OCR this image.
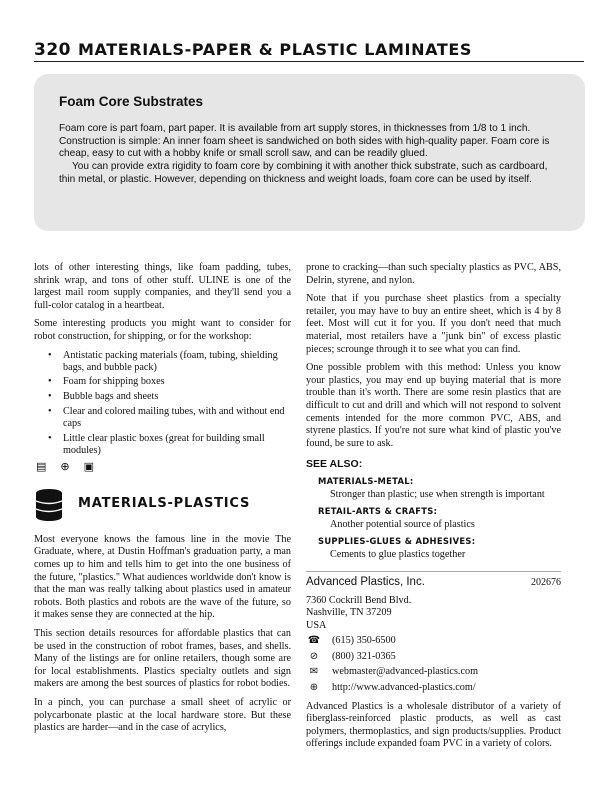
320 MATERIALS-PAPER & PLASTIC LAMINATES
Foam Core Substrates

Foam core is part foam, part paper. It is available from art supply stores, in thicknesses from 1/8 to 1 inch. Construction is simple: An inner foam sheet is sandwiched on both sides with high-quality paper. Foam core is cheap, easy to cut with a hobby knife or small scroll saw, and can be readily glued.

You can provide extra rigidity to foam core by combining it with another thick substrate, such as cardboard, thin metal, or plastic. However, depending on thickness and weight loads, foam core can be used by itself.

lots of other interesting things, like foam padding, tubes, shrink wrap, and tons of other stuff. ULINE is one of the largest mail room supply companies, and they'll send you a full-color catalog in a heartbeat.

Some interesting products you might want to consider for robot construction, for shipping, or for the workshop:

• Antistatic packing materials (foam, tubing, shielding bags, and bubble pack)
• Foam for shipping boxes
• Bubble bags and sheets
• Clear and colored mailing tubes, with and without end caps
• Little clear plastic boxes (great for building small modules)
▤ ⊕ ▣
MATERIALS-PLASTICS

Most everyone knows the famous line in the movie The Graduate, where, at Dustin Hoffman's graduation party, a man comes up to him and tells him to get into the one business of the future, "plastics." What audiences worldwide don't know is that the man was really talking about plastics used in amateur robots. Both plastics and robots are the wave of the future, so it makes sense they are connected at the hip.

This section details resources for affordable plastics that can be used in the construction of robot frames, bases, and shells. Many of the listings are for online retailers, though some are for local establishments. Plastics specialty outlets and sign makers are among the best sources of plastics for robot bodies.

In a pinch, you can purchase a small sheet of acrylic or polycarbonate plastic at the local hardware store. But these plastics are harder—and in the case of acrylics,

prone to cracking—than such specialty plastics as PVC, ABS, Delrin, styrene, and nylon.

Note that if you purchase sheet plastics from a specialty retailer, you may have to buy an entire sheet, which is 4 by 8 feet. Most will cut it for you. If you don't need that much material, most retailers have a "junk bin" of excess plastic pieces; scrounge through it to see what you can find.

One possible problem with this method: Unless you know your plastics, you may end up buying material that is more trouble than it's worth. There are some resin plastics that are difficult to cut and drill and which will not respond to solvent cements intended for the more common PVC, ABS, and styrene plastics. If you're not sure what kind of plastic you've found, be sure to ask.

SEE ALSO:
MATERIALS-METAL:
Stronger than plastic; use when strength is important
RETAIL-ARTS & CRAFTS:
Another potential source of plastics
SUPPLIES-GLUES & ADHESIVES:
Cements to glue plastics together
Advanced Plastics, Inc.	202676
7360 Cockrill Bend Blvd.
Nashville, TN 37209
USA
☎ (615) 350-6500
⊘	(800) 321-0365
✉	webmaster@advanced-plastics.com
⊕	http://www.advanced-plastics.com/

Advanced Plastics is a wholesale distributor of a variety of fiberglass-reinforced plastic products, as well as cast polymers, thermoplastics, and sign products/supplies. Product offerings include expanded foam PVC in a variety of colors.
